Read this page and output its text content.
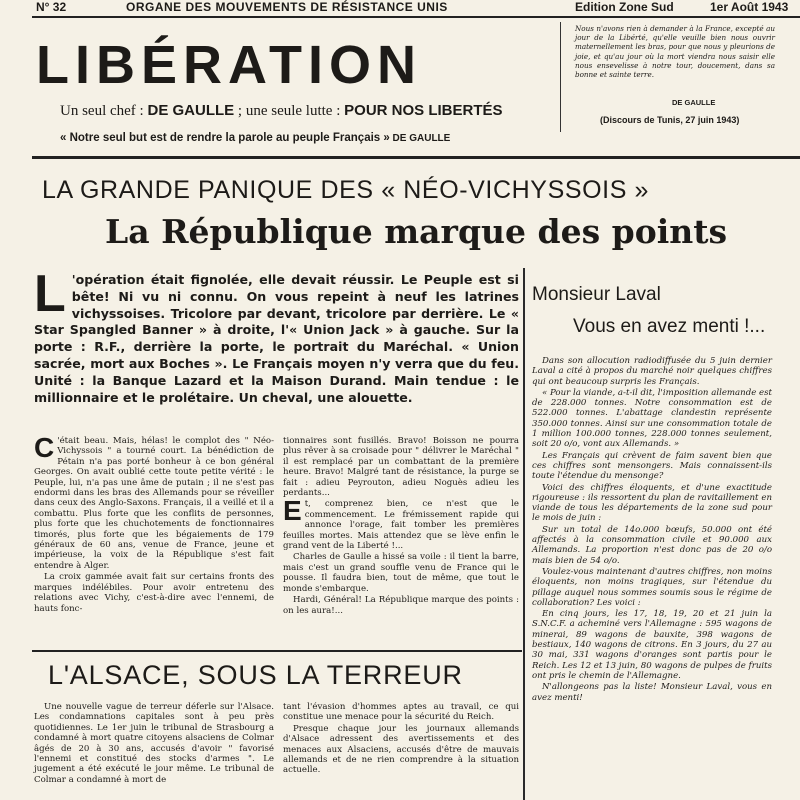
N° 32	ORGANE DES MOUVEMENTS DE RÉSISTANCE UNIS	Edition Zone Sud	1er Août 1943
LIBÉRATION
Un seul chef : DE GAULLE ; une seule lutte : POUR NOS LIBERTÉS
« Notre seul but est de rendre la parole au peuple Français » DE GAULLE
Nous n'avons rien à demander à la France, excepté au jour de la Libérté, qu'elle veuille bien nous ouvrir maternellement les bras, pour que nous y pleurions de joie, et qu'au jour où la mort viendra nous saisir elle nous ensevelisse à notre tour, doucement, dans sa bonne et sainte terre.
DE GAULLE
(Discours de Tunis, 27 juin 1943)
LA GRANDE PANIQUE DES « NÉO-VICHYSSOIS »
La République marque des points
L 'opération était fignolée, elle devait réussir. Le Peuple est si bête! Ni vu ni connu. On vous repeint à neuf les latrines vichyssoises. Tricolore par devant, tricolore par derrière. Le « Star Spangled Banner » à droite, l'« Union Jack » à gauche. Sur la porte : R.F., derrière la porte, le portrait du Maréchal. « Union sacrée, mort aux Boches ». Le Français moyen n'y verra que du feu. Unité : la Banque Lazard et la Maison Durand. Main tendue : le millionnaire et le prolétaire. Un cheval, une alouette.

C 'était beau. Mais, hélas! le complot des " Néo-Vichyssois " a tourné court. La bénédiction de Pétain n'a pas porté bonheur à ce bon général Georges. On avait oublié cette toute petite vérité : le Peuple, lui, n'a pas une âme de putain ; il ne s'est pas endormi dans les bras des Allemands pour se réveiller dans ceux des Anglo-Saxons. Français, il a veillé et il a combattu. Plus forte que les conflits de personnes, plus forte que les chuchotements de fonctionnaires timorés, plus forte que les bégaiements de 179 généraux de 60 ans, venue de France, jeune et impérieuse, la voix de la République s'est fait entendre à Alger.

La croix gammée avait fait sur certains fronts des marques indélébiles. Pour avoir entretenu des relations avec Vichy, c'est-à-dire avec l'ennemi, de hauts fonc-

tionnaires sont fusillés. Bravo! Boisson ne pourra plus rêver à sa croisade pour " délivrer le Maréchal " il est remplacé par un combattant de la première heure. Bravo! Malgré tant de résistance, la purge se fait : adieu Peyrouton, adieu Noguès adieu les perdants...

Et, comprenez bien, ce n'est que le commencement. Le frémissement rapide qui annonce l'orage, fait tomber les premières feuilles mortes. Mais attendez que se lève enfin le grand vent de la Liberté !...

Charles de Gaulle a hissé sa voile : il tient la barre, mais c'est un grand souffle venu de France qui le pousse. Il faudra bien, tout de même, que tout le monde s'embarque.

Hardi, Général! La République marque des points : on les aura!...

L'ALSACE, SOUS LA TERREUR

Une nouvelle vague de terreur déferle sur l'Alsace. Les condamnations capitales sont à peu près quotidiennes. Le 1er juin le tribunal de Strasbourg a condamné à mort quatre citoyens alsaciens de Colmar âgés de 20 à 30 ans, accusés d'avoir " favorisé l'ennemi et constitué des stocks d'armes ". Le jugement a été exécuté le jour même. Le tribunal de Colmar a condamné à mort de

tant l'évasion d'hommes aptes au travail, ce qui constitue une menace pour la sécurité du Reich.

Presque chaque jour les journaux allemands d'Alsace adressent des avertissements et des menaces aux Alsaciens, accusés d'être de mauvais allemands et de ne rien comprendre à la situation actuelle.

Monsieur Laval
Vous en avez menti !...

Dans son allocution radiodiffusée du 5 juin dernier Laval a cité à propos du marché noir quelques chiffres qui ont beaucoup surpris les Français.

« Pour la viande, a-t-il dit, l'imposition allemande est de 228.000 tonnes. Notre consommation est de 522.000 tonnes. L'abattage clandestin représente 350.000 tonnes. Ainsi sur une consommation totale de 1 million 100.000 tonnes, 228.000 tonnes seulement, soit 20 o/o, vont aux Allemands. »

Les Français qui crèvent de faim savent bien que ces chiffres sont mensongers. Mais connaissent-ils toute l'étendue du mensonge?

Voici des chiffres éloquents, et d'une exactitude rigoureuse : ils ressortent du plan de ravitaillement en viande de tous les départements de la zone sud pour le mois de juin :

Sur un total de 14o.000 bœufs, 50.000 ont été affectés à la consommation civile et 90.000 aux Allemands. La proportion n'est donc pas de 20 o/o mais bien de 54 o/o.

Voulez-vous maintenant d'autres chiffres, non moins éloquents, non moins tragiques, sur l'étendue du pillage auquel nous sommes soumis sous le régime de collaboration? Les voici :

En cinq jours, les 17, 18, 19, 20 et 21 juin la S.N.C.F. a acheminé vers l'Allemagne : 595 wagons de minerai, 89 wagons de bauxite, 398 wagons de bestiaux, 140 wagons de citrons. En 3 jours, du 27 au 30 mai, 331 wagons d'oranges sont partis pour le Reich. Les 12 et 13 juin, 80 wagons de pulpes de fruits ont pris le chemin de l'Allemagne.

N'allongeons pas la liste! Monsieur Laval, vous en avez menti!
